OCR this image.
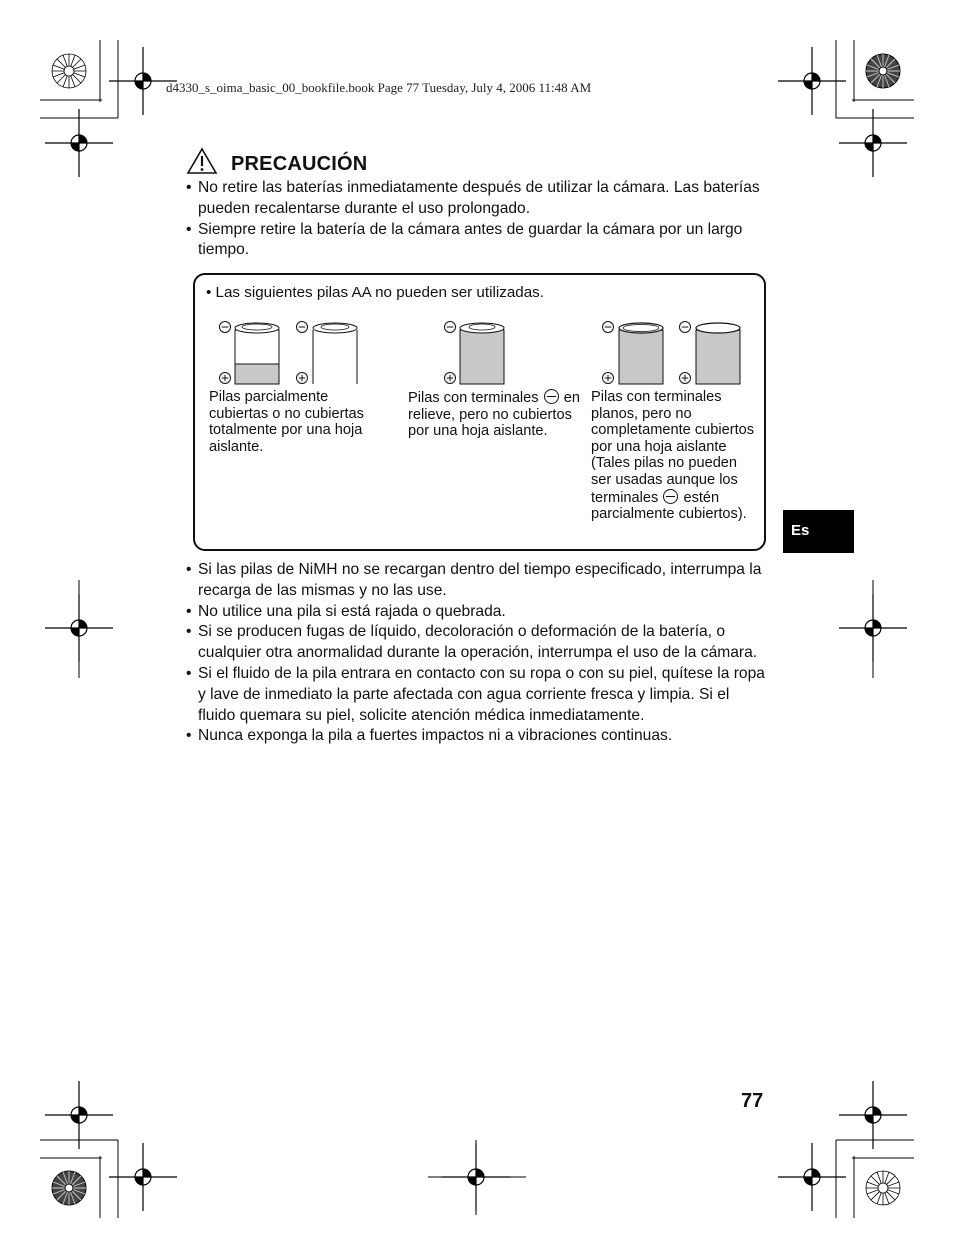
d4330_s_oima_basic_00_bookfile.book Page 77 Tuesday, July 4, 2006 11:48 AM
PRECAUCIÓN
• No retire las baterías inmediatamente después de utilizar la cámara. Las baterías pueden recalentarse durante el uso prolongado.
• Siempre retire la batería de la cámara antes de guardar la cámara por un largo tiempo.
• Las siguientes pilas AA no pueden ser utilizadas.
Pilas parcialmente cubiertas o no cubiertas totalmente por una hoja aislante.
Pilas con terminales en relieve, pero no cubiertos por una hoja aislante.
Pilas con terminales planos, pero no completamente cubiertos por una hoja aislante (Tales pilas no pueden ser usadas aunque los terminales estén parcialmente cubiertos).
• Si las pilas de NiMH no se recargan dentro del tiempo especificado, interrumpa la recarga de las mismas y no las use.
• No utilice una pila si está rajada o quebrada.
• Si se producen fugas de líquido, decoloración o deformación de la batería, o cualquier otra anormalidad durante la operación, interrumpa el uso de la cámara.
• Si el fluido de la pila entrara en contacto con su ropa o con su piel, quítese la ropa y lave de inmediato la parte afectada con agua corriente fresca y limpia. Si el fluido quemara su piel, solicite atención médica inmediatamente.
• Nunca exponga la pila a fuertes impactos ni a vibraciones continuas.
Es
77
